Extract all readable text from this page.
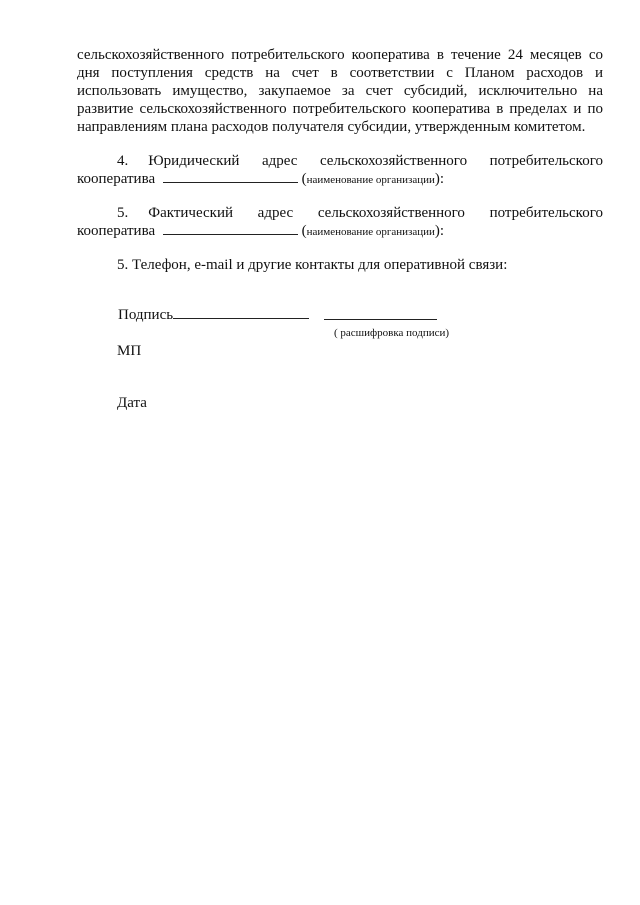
сельскохозяйственного потребительского кооператива в течение 24 месяцев со
дня поступления средств на счет в соответствии с Планом расходов и
использовать имущество, закупаемое за счет субсидий, исключительно на
развитие сельскохозяйственного потребительского кооператива в пределах и по
направлениям плана расходов получателя субсидии, утвержденным комитетом.
4.	Юридический адрес сельскохозяйственного потребительского
кооператива	(наименование организации):
5.	Фактический адрес сельскохозяйственного потребительского
кооператива	(наименование организации):
5. Телефон, e-mail и другие контакты для оперативной связи:
Подпись
( расшифровка подписи)
МП
Дата
